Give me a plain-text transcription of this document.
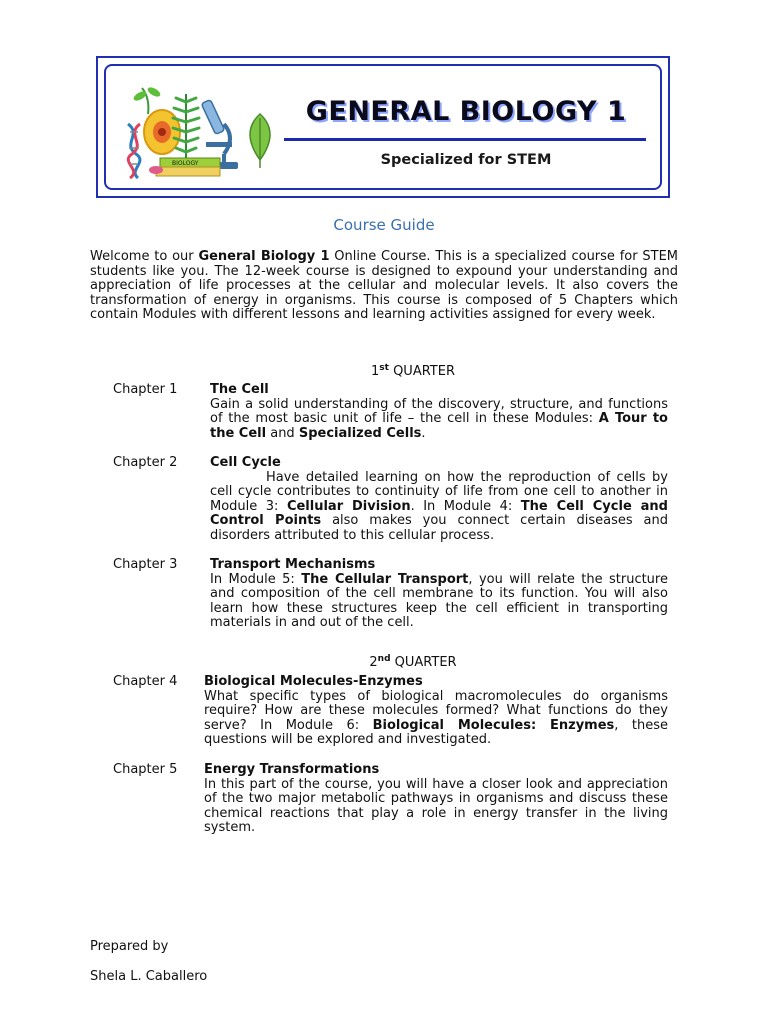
BIOLOGY
GENERAL BIOLOGY 1
Specialized for STEM
Course Guide
Welcome to our General Biology 1 Online Course. This is a specialized course for STEM students like you. The 12-week course is designed to expound your understanding and appreciation of life processes at the cellular and molecular levels. It also covers the transformation of energy in organisms. This course is composed of 5 Chapters which contain Modules with different lessons and learning activities assigned for every week.
1st QUARTER
Chapter 1	The Cell
Gain a solid understanding of the discovery, structure, and functions of the most basic unit of life – the cell in these Modules: A Tour to the Cell and Specialized Cells.
Chapter 2	Cell Cycle
Have detailed learning on how the reproduction of cells by cell cycle contributes to continuity of life from one cell to another in Module 3: Cellular Division. In Module 4: The Cell Cycle and Control Points also makes you connect certain diseases and disorders attributed to this cellular process.
Chapter 3	Transport Mechanisms
In Module 5: The Cellular Transport, you will relate the structure and composition of the cell membrane to its function. You will also learn how these structures keep the cell efficient in transporting materials in and out of the cell.
2nd QUARTER
Chapter 4 Biological Molecules-Enzymes
What specific types of biological macromolecules do organisms require? How are these molecules formed? What functions do they serve? In Module 6: Biological Molecules: Enzymes, these questions will be explored and investigated.
Chapter 5 Energy Transformations
In this part of the course, you will have a closer look and appreciation of the two major metabolic pathways in organisms and discuss these chemical reactions that play a role in energy transfer in the living system.
Prepared by
Shela L. Caballero
